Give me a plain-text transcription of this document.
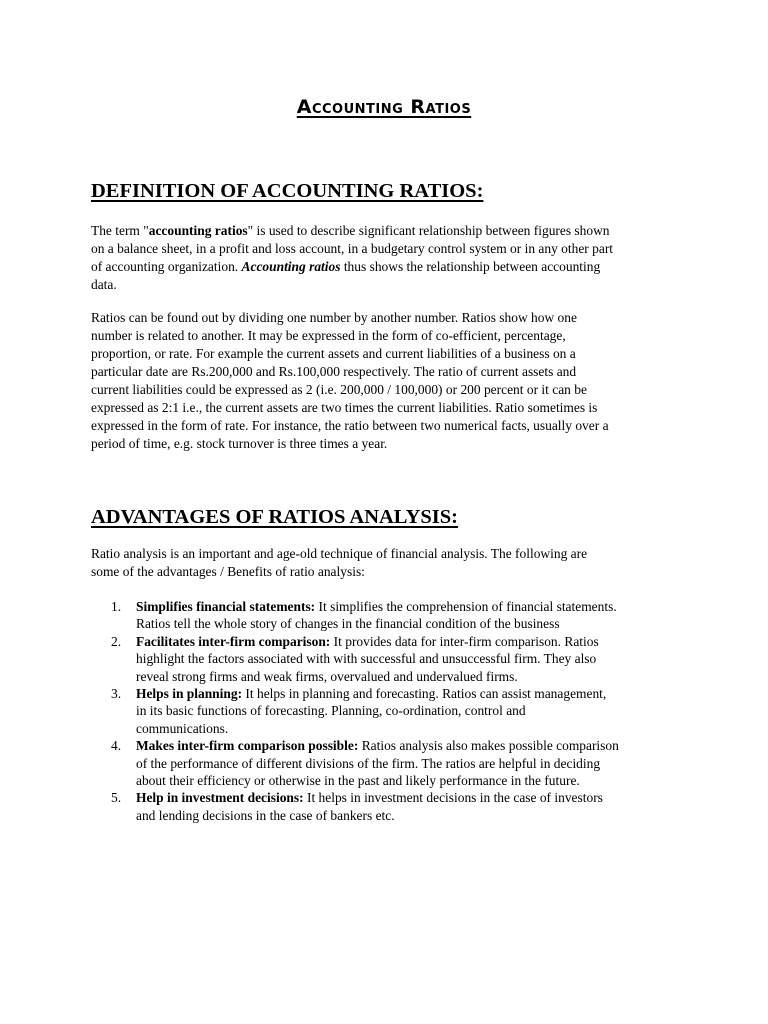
Accounting Ratios
DEFINITION OF ACCOUNTING RATIOS:

The term "accounting ratios" is used to describe significant relationship between figures shown
on a balance sheet, in a profit and loss account, in a budgetary control system or in any other part
of accounting organization. Accounting ratios thus shows the relationship between accounting
data.

Ratios can be found out by dividing one number by another number. Ratios show how one
number is related to another. It may be expressed in the form of co-efficient, percentage,
proportion, or rate. For example the current assets and current liabilities of a business on a
particular date are Rs.200,000 and Rs.100,000 respectively. The ratio of current assets and
current liabilities could be expressed as 2 (i.e. 200,000 / 100,000) or 200 percent or it can be
expressed as 2:1 i.e., the current assets are two times the current liabilities. Ratio sometimes is
expressed in the form of rate. For instance, the ratio between two numerical facts, usually over a
period of time, e.g. stock turnover is three times a year.

ADVANTAGES OF RATIOS ANALYSIS:

Ratio analysis is an important and age-old technique of financial analysis. The following are
some of the advantages / Benefits of ratio analysis:

1.	Simplifies financial statements: It simplifies the comprehension of financial statements.
Ratios tell the whole story of changes in the financial condition of the business
2.	Facilitates inter-firm comparison: It provides data for inter-firm comparison. Ratios
highlight the factors associated with with successful and unsuccessful firm. They also
reveal strong firms and weak firms, overvalued and undervalued firms.
3.	Helps in planning: It helps in planning and forecasting. Ratios can assist management,
in its basic functions of forecasting. Planning, co-ordination, control and
communications.
4.	Makes inter-firm comparison possible: Ratios analysis also makes possible comparison
of the performance of different divisions of the firm. The ratios are helpful in deciding
about their efficiency or otherwise in the past and likely performance in the future.
5.	Help in investment decisions: It helps in investment decisions in the case of investors
and lending decisions in the case of bankers etc.
